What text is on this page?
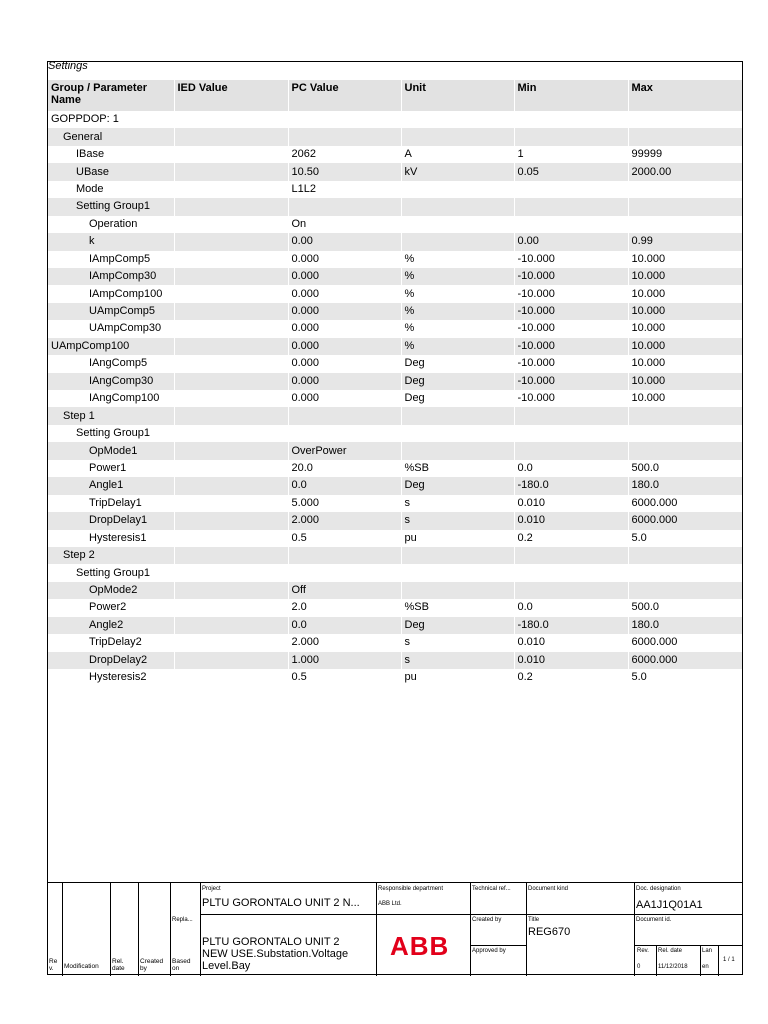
Settings
Group / Parameter Name	IED Value	PC Value	Unit	Min	Max
GOPPDOP: 1					
General					
IBase		2062	A	1	99999
UBase		10.50	kV	0.05	2000.00
Mode		L1L2			
Setting Group1					
Operation		On			
k		0.00		0.00	0.99
IAmpComp5		0.000	%	-10.000	10.000
IAmpComp30		0.000	%	-10.000	10.000
IAmpComp100		0.000	%	-10.000	10.000
UAmpComp5		0.000	%	-10.000	10.000
UAmpComp30		0.000	%	-10.000	10.000
UAmpComp100		0.000	%	-10.000	10.000
IAngComp5		0.000	Deg	-10.000	10.000
IAngComp30		0.000	Deg	-10.000	10.000
IAngComp100		0.000	Deg	-10.000	10.000
Step 1					
Setting Group1					
OpMode1		OverPower			
Power1		20.0	%SB	0.0	500.0
Angle1		0.0	Deg	-180.0	180.0
TripDelay1		5.000	s	0.010	6000.000
DropDelay1		2.000	s	0.010	6000.000
Hysteresis1		0.5	pu	0.2	5.0
Step 2					
Setting Group1					
OpMode2		Off			
Power2		2.0	%SB	0.0	500.0
Angle2		0.0	Deg	-180.0	180.0
TripDelay2		2.000	s	0.010	6000.000
DropDelay2		1.000	s	0.010	6000.000
Hysteresis2		0.5	pu	0.2	5.0
Project
PLTU GORONTALO UNIT 2 N...
Responsible department
ABB Ltd.
Technical ref...	Document kind	Doc. designation
AA1J1Q01A1
Repla...	Created by	Title
REG670
Document id.
Approved by
PLTU GORONTALO UNIT 2
NEW USE.Substation.Voltage
Level.Bay
ABB	Rev.
0
Rel. date
11/12/2018
Lan
en
1 / 1
Re v.	Modification
Rel. date
Created by
Based on
